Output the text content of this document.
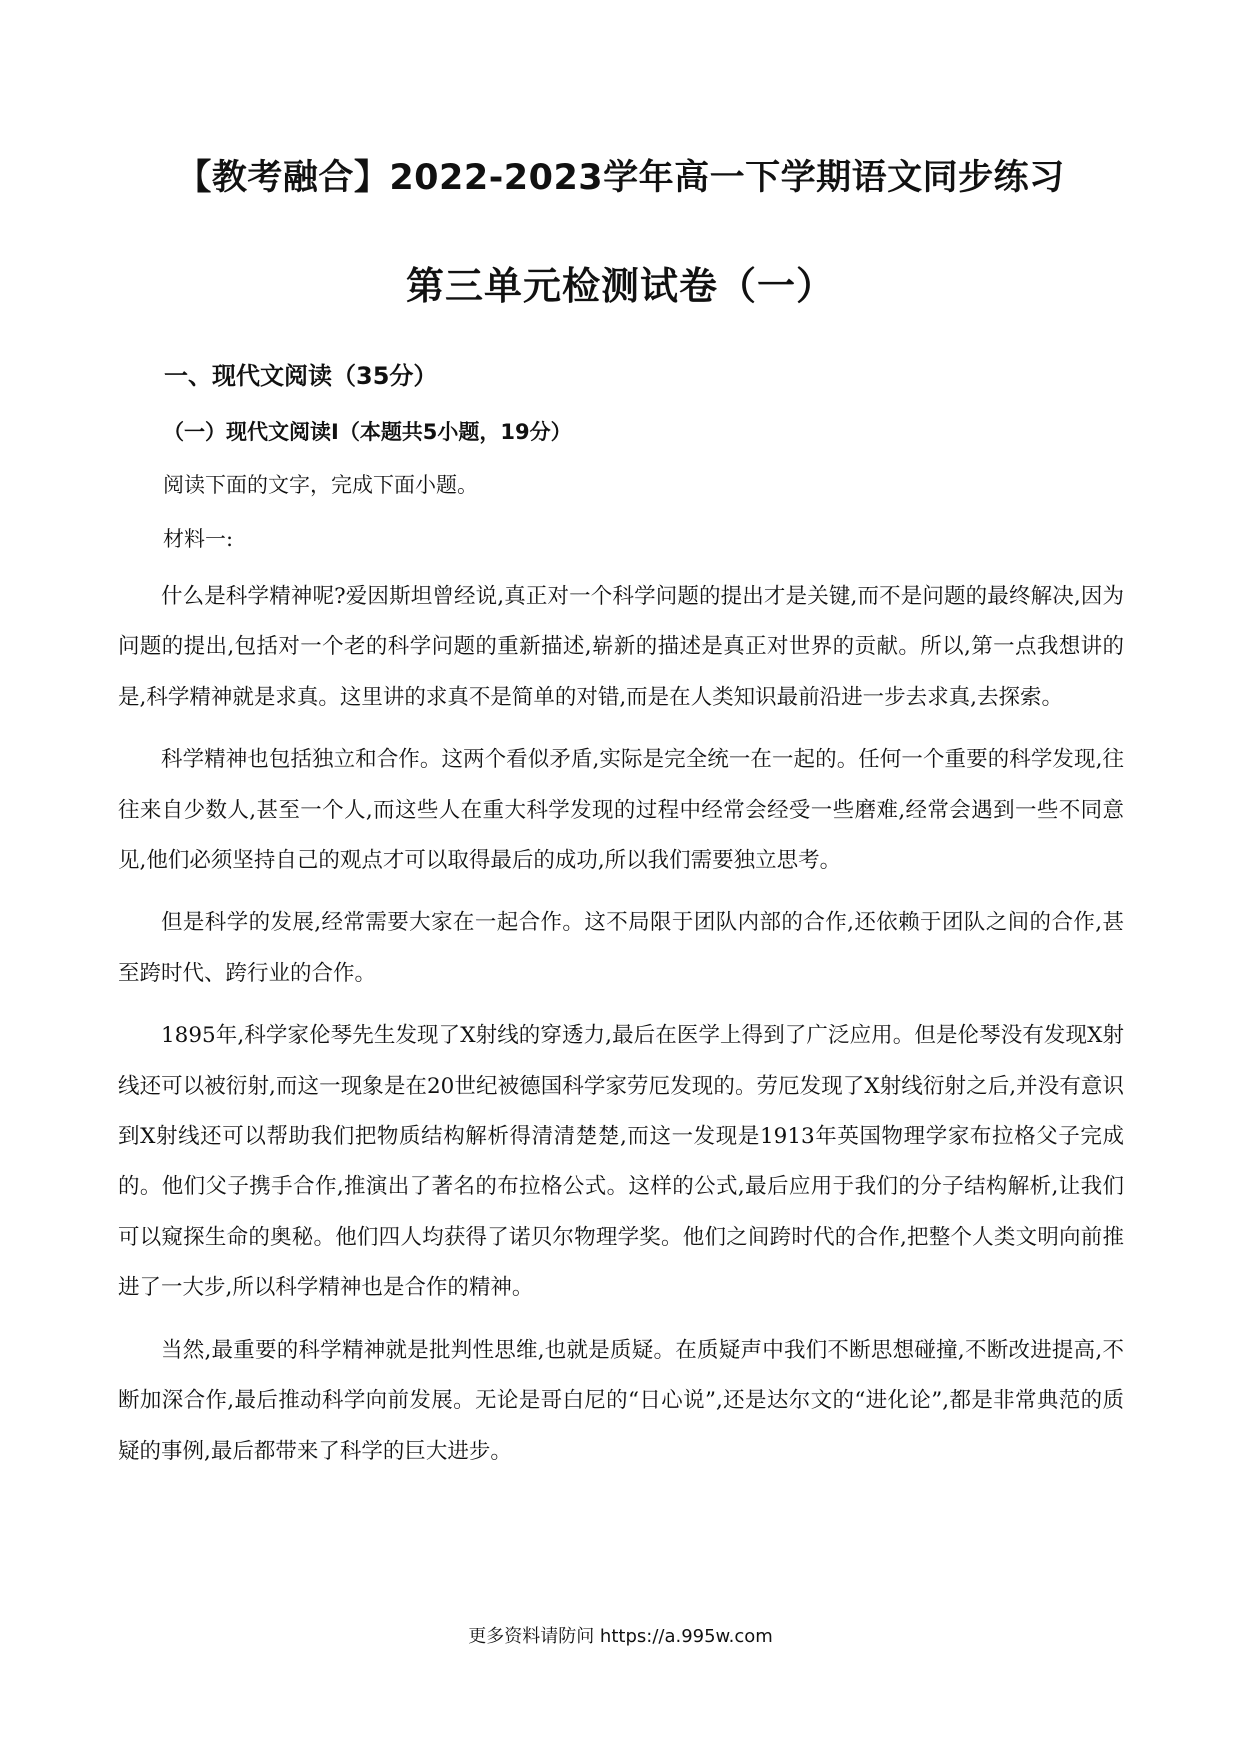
【教考融合】2022-2023学年高一下学期语文同步练习
第三单元检测试卷（一）
一、现代文阅读（35分）
（一）现代文阅读Ⅰ（本题共5小题，19分）
阅读下面的文字，完成下面小题。
材料一:

什么是科学精神呢?爱因斯坦曾经说,真正对一个科学问题的提出才是关键,而不是问题的最终解决,因为问题的提出,包括对一个老的科学问题的重新描述,崭新的描述是真正对世界的贡献。所以,第一点我想讲的是,科学精神就是求真。这里讲的求真不是简单的对错,而是在人类知识最前沿进一步去求真,去探索。

科学精神也包括独立和合作。这两个看似矛盾,实际是完全统一在一起的。任何一个重要的科学发现,往往来自少数人,甚至一个人,而这些人在重大科学发现的过程中经常会经受一些磨难,经常会遇到一些不同意见,他们必须坚持自己的观点才可以取得最后的成功,所以我们需要独立思考。

但是科学的发展,经常需要大家在一起合作。这不局限于团队内部的合作,还依赖于团队之间的合作,甚至跨时代、跨行业的合作。

1895年,科学家伦琴先生发现了X射线的穿透力,最后在医学上得到了广泛应用。但是伦琴没有发现X射线还可以被衍射,而这一现象是在20世纪被德国科学家劳厄发现的。劳厄发现了X射线衍射之后,并没有意识到X射线还可以帮助我们把物质结构解析得清清楚楚,而这一发现是1913年英国物理学家布拉格父子完成的。他们父子携手合作,推演出了著名的布拉格公式。这样的公式,最后应用于我们的分子结构解析,让我们可以窥探生命的奥秘。他们四人均获得了诺贝尔物理学奖。他们之间跨时代的合作,把整个人类文明向前推进了一大步,所以科学精神也是合作的精神。

当然,最重要的科学精神就是批判性思维,也就是质疑。在质疑声中我们不断思想碰撞,不断改进提高,不断加深合作,最后推动科学向前发展。无论是哥白尼的“日心说”,还是达尔文的“进化论”,都是非常典范的质疑的事例,最后都带来了科学的巨大进步。

更多资料请防问 https://a.995w.com
